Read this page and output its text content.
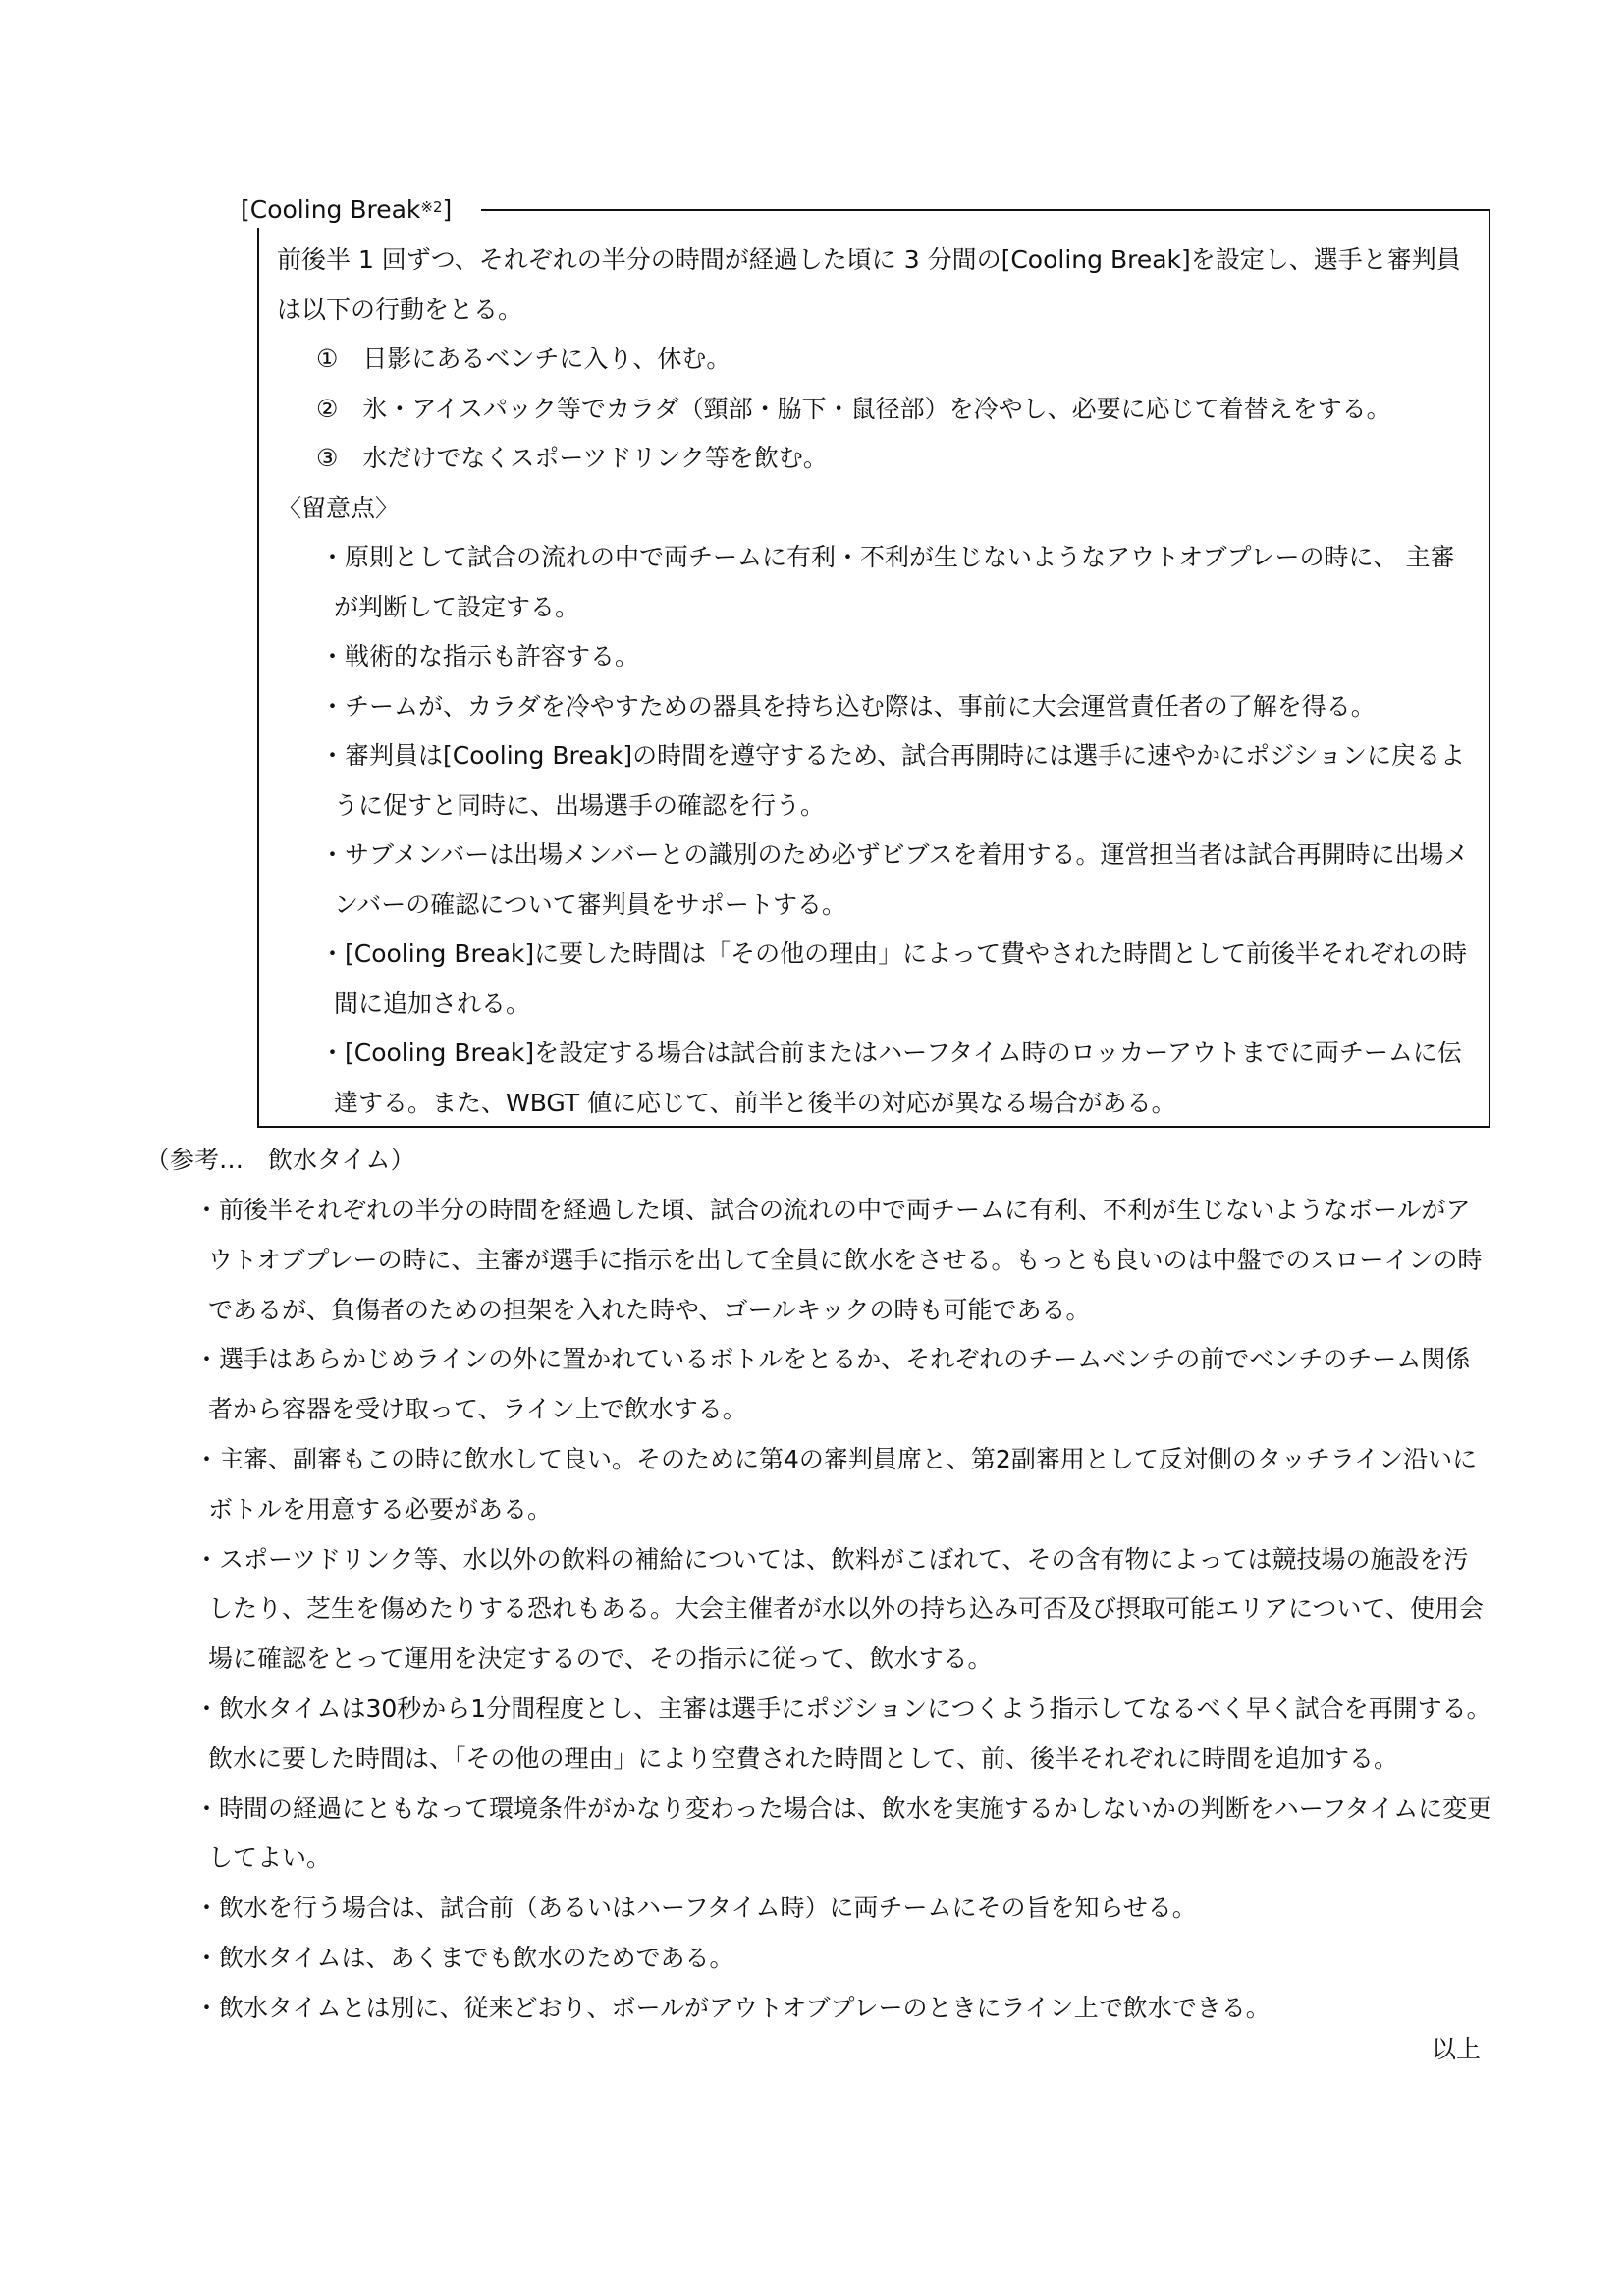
[Cooling Break$^{※2}$]

前後半 1 回ずつ、それぞれの半分の時間が経過した頃に 3 分間の[Cooling Break]を設定し、選手と審判員は以下の行動をとる。

①　日影にあるベンチに入り、休む。

②　氷・アイスパック等でカラダ（頸部・脇下・鼠径部）を冷やし、必要に応じて着替えをする。

③　水だけでなくスポーツドリンク等を飲む。

〈留意点〉

・原則として試合の流れの中で両チームに有利・不利が生じないようなアウトオブプレーの時に、 主審が判断して設定する。

・戦術的な指示も許容する。

・チームが、カラダを冷やすための器具を持ち込む際は、事前に大会運営責任者の了解を得る。

・審判員は[Cooling Break]の時間を遵守するため、試合再開時には選手に速やかにポジションに戻るように促すと同時に、出場選手の確認を行う。

・サブメンバーは出場メンバーとの識別のため必ずビブスを着用する。運営担当者は試合再開時に出場メンバーの確認について審判員をサポートする。

・[Cooling Break]に要した時間は「その他の理由」によって費やされた時間として前後半それぞれの時間に追加される。

・[Cooling Break]を設定する場合は試合前またはハーフタイム時のロッカーアウトまでに両チームに伝達する。また、WBGT 値に応じて、前半と後半の対応が異なる場合がある。

（参考…　飲水タイム）

・前後半それぞれの半分の時間を経過した頃、試合の流れの中で両チームに有利、不利が生じないようなボールがアウトオブプレーの時に、主審が選手に指示を出して全員に飲水をさせる。もっとも良いのは中盤でのスローインの時であるが、負傷者のための担架を入れた時や、ゴールキックの時も可能である。

・選手はあらかじめラインの外に置かれているボトルをとるか、それぞれのチームベンチの前でベンチのチーム関係者から容器を受け取って、ライン上で飲水する。

・主審、副審もこの時に飲水して良い。そのために第4の審判員席と、第2副審用として反対側のタッチライン沿いにボトルを用意する必要がある。

・スポーツドリンク等、水以外の飲料の補給については、飲料がこぼれて、その含有物によっては競技場の施設を汚したり、芝生を傷めたりする恐れもある。大会主催者が水以外の持ち込み可否及び摂取可能エリアについて、使用会場に確認をとって運用を決定するので、その指示に従って、飲水する。

・飲水タイムは30秒から1分間程度とし、主審は選手にポジションにつくよう指示してなるべく早く試合を再開する。飲水に要した時間は、「その他の理由」により空費された時間として、前、後半それぞれに時間を追加する。

・時間の経過にともなって環境条件がかなり変わった場合は、飲水を実施するかしないかの判断をハーフタイムに変更してよい。

・飲水を行う場合は、試合前（あるいはハーフタイム時）に両チームにその旨を知らせる。

・飲水タイムは、あくまでも飲水のためである。

・飲水タイムとは別に、従来どおり、ボールがアウトオブプレーのときにライン上で飲水できる。

以上
